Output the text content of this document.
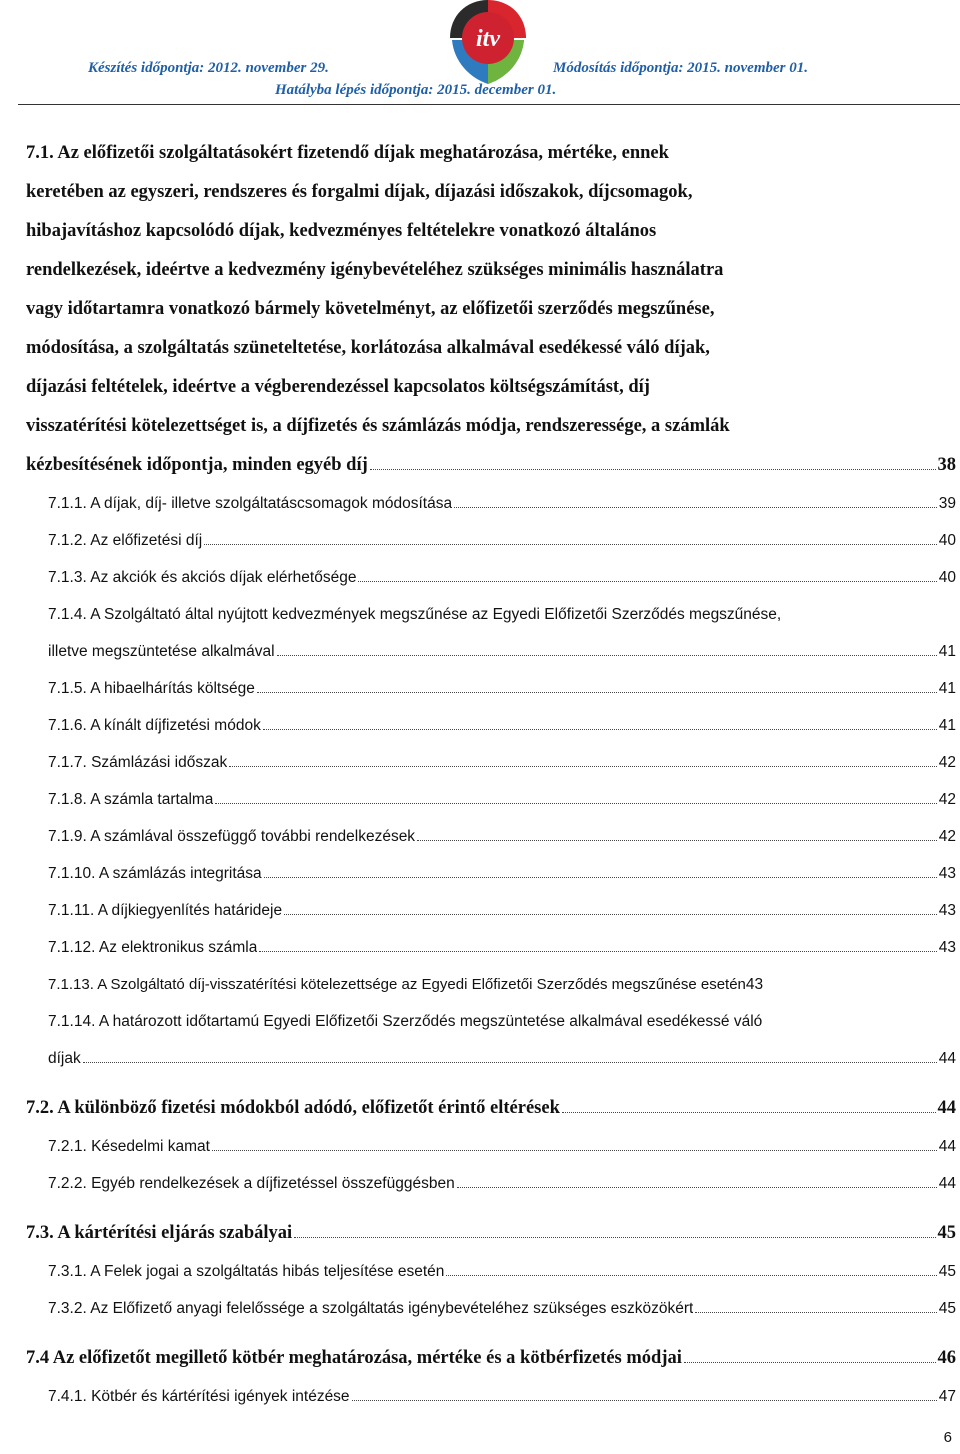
Készítés időpontja: 2012. november 29.
itv
Módosítás időpontja: 2015. november 01.
Hatályba lépés időpontja: 2015. december 01.
7.1. Az előfizetői szolgáltatásokért fizetendő díjak meghatározása, mértéke, ennek
keretében az egyszeri, rendszeres és forgalmi díjak, díjazási időszakok, díjcsomagok,
hibajavításhoz kapcsolódó díjak, kedvezményes feltételekre vonatkozó általános
rendelkezések, ideértve a kedvezmény igénybevételéhez szükséges minimális használatra
vagy időtartamra vonatkozó bármely követelményt, az előfizetői szerződés megszűnése,
módosítása, a szolgáltatás szüneteltetése, korlátozása alkalmával esedékessé váló díjak,
díjazási feltételek, ideértve a végberendezéssel kapcsolatos költségszámítást, díj
visszatérítési kötelezettséget is, a díjfizetés és számlázás módja, rendszeressége, a számlák
kézbesítésének időpontja, minden egyéb díj	38
7.1.1. A díjak, díj- illetve szolgáltatáscsomagok módosítása	39
7.1.2. Az előfizetési díj	40
7.1.3. Az akciók és akciós díjak elérhetősége	40
7.1.4. A Szolgáltató által nyújtott kedvezmények megszűnése az Egyedi Előfizetői Szerződés megszűnése,
illetve megszüntetése alkalmával	41
7.1.5. A hibaelhárítás költsége	41
7.1.6. A kínált díjfizetési módok	41
7.1.7. Számlázási időszak	42
7.1.8. A számla tartalma	42
7.1.9. A számlával összefüggő további rendelkezések	42
7.1.10. A számlázás integritása	43
7.1.11. A díjkiegyenlítés határideje	43
7.1.12. Az elektronikus számla	43
7.1.13. A Szolgáltató díj-visszatérítési kötelezettsége az Egyedi Előfizetői Szerződés megszűnése esetén 43
7.1.14. A határozott időtartamú Egyedi Előfizetői Szerződés megszüntetése alkalmával esedékessé váló
díjak	44
7.2. A különböző fizetési módokból adódó, előfizetőt érintő eltérések	44
7.2.1. Késedelmi kamat	44
7.2.2. Egyéb rendelkezések a díjfizetéssel összefüggésben	44
7.3. A kártérítési eljárás szabályai	45
7.3.1. A Felek jogai a szolgáltatás hibás teljesítése esetén	45
7.3.2. Az Előfizető anyagi felelőssége a szolgáltatás igénybevételéhez szükséges eszközökért	45
7.4 Az előfizetőt megillető kötbér meghatározása, mértéke és a kötbérfizetés módjai	46
7.4.1. Kötbér és kártérítési igények intézése	47
6
